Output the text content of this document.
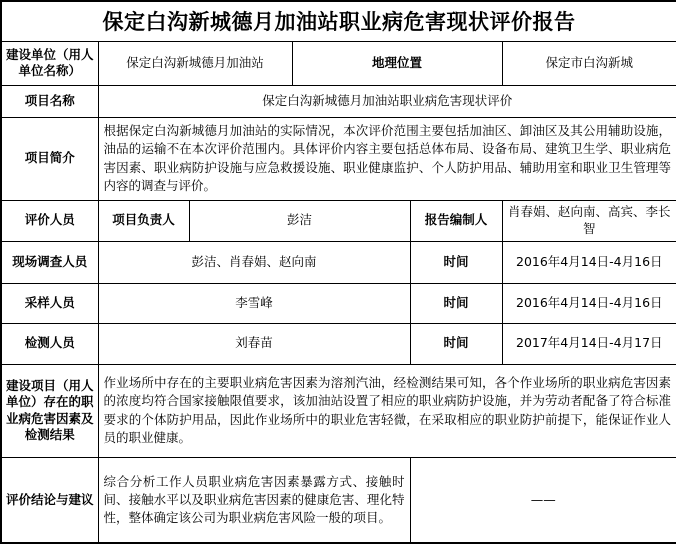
保定白沟新城德月加油站职业病危害现状评价报告					
建设单位（用人单位名称）	保定白沟新城德月加油站		地理位置		保定市白沟新城
项目名称	保定白沟新城德月加油站职业病危害现状评价				
项目简介	根据保定白沟新城德月加油站的实际情况，本次评价范围主要包括加油区、卸油区及其公用辅助设施，油品的运输不在本次评价范围内。具体评价内容主要包括总体布局、设备布局、建筑卫生学、职业病危害因素、职业病防护设施与应急救援设施、职业健康监护、个人防护用品、辅助用室和职业卫生管理等内容的调查与评价。				
评价人员	项目负责人	彭洁		报告编制人	肖春娟、赵向南、高宾、李长智
现场调查人员	彭洁、肖春娟、赵向南			时间	2016年4月14日-4月16日
采样人员	李雪峰			时间	2016年4月14日-4月16日
检测人员	刘春苗			时间	2017年4月14日-4月17日
建设项目（用人单位）存在的职业病危害因素及检测结果	作业场所中存在的主要职业病危害因素为溶剂汽油，经检测结果可知，各个作业场所的职业病危害因素的浓度均符合国家接触限值要求，该加油站设置了相应的职业病防护设施，并为劳动者配备了符合标准要求的个体防护用品，因此作业场所中的职业危害轻微，在采取相应的职业防护前提下，能保证作业人员的职业健康。				
评价结论与建议	综合分析工作人员职业病危害因素暴露方式、接触时间、接触水平以及职业病危害因素的健康危害、理化特性，整体确定该公司为职业病危害风险一般的项目。			——	
